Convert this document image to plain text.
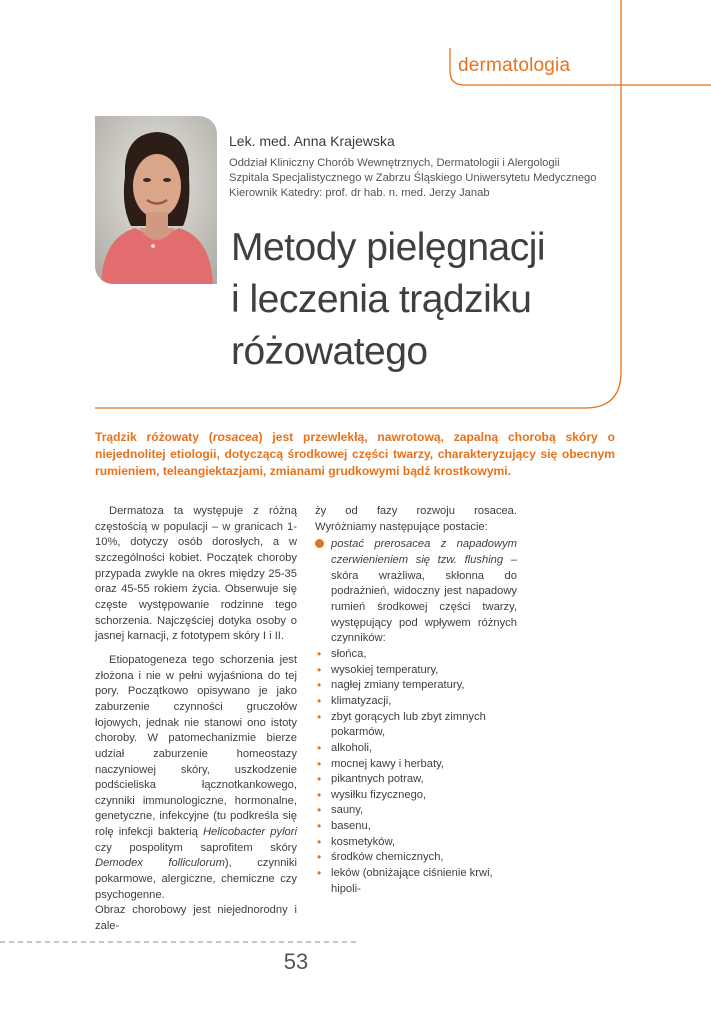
dermatologia
Lek. med. Anna Krajewska
Oddział Kliniczny Chorób Wewnętrznych, Dermatologii i Alergologii
Szpitala Specjalistycznego w Zabrzu Śląskiego Uniwersytetu Medycznego
Kierownik Katedry: prof. dr hab. n. med. Jerzy Janab
Metody pielęgnacji
i leczenia trądziku
różowatego
Trądzik różowaty (rosacea) jest przewlekłą, nawrotową, zapalną chorobą skóry o niejednolitej etiologii, dotyczącą środkowej części twarzy, charakteryzujący się obecnym rumieniem, teleangiektazjami, zmianami grudkowymi bądź krostkowymi.

Dermatoza ta występuje z różną częstością w populacji – w granicach 1-10%, dotyczy osób dorosłych, a w szczególności kobiet. Początek choroby przypada zwykle na okres między 25-35 oraz 45-55 rokiem życia. Obserwuje się częste występowanie rodzinne tego schorzenia. Najczęściej dotyka osoby o jasnej karnacji, z fototypem skóry I i II.

Etiopatogeneza tego schorzenia jest złożona i nie w pełni wyjaśniona do tej pory. Początkowo opisywano je jako zaburzenie czynności gruczołów łojowych, jednak nie stanowi ono istoty choroby. W patomechanizmie bierze udział zaburzenie homeostazy naczyniowej skóry, uszkodzenie podścieliska łącznotkankowego, czynniki immunologiczne, hormonalne, genetyczne, infekcyjne (tu podkreśla się rolę infekcji bakterią Helicobacter pylori czy pospolitym saprofitem skóry Demodex folliculorum), czynniki pokarmowe, alergiczne, chemiczne czy psychogenne.

Obraz chorobowy jest niejednorodny i zale-

ży od fazy rozwoju rosacea. Wyróżniamy następujące postacie:

postać prerosacea z napadowym czerwienieniem się tzw. flushing – skóra wrażliwa, skłonna do podrażnień, widoczny jest napadowy rumień środkowej części twarzy, występujący pod wpływem różnych czynników:
• słońca,
• wysokiej temperatury,
• nagłej zmiany temperatury,
• klimatyzacji,
• zbyt gorących lub zbyt zimnych pokarmów,
• alkoholi,
• mocnej kawy i herbaty,
• pikantnych potraw,
• wysiłku fizycznego,
• sauny,
• basenu,
• kosmetyków,
• środków chemicznych,
• leków (obniżające ciśnienie krwi, hipoli-
53
